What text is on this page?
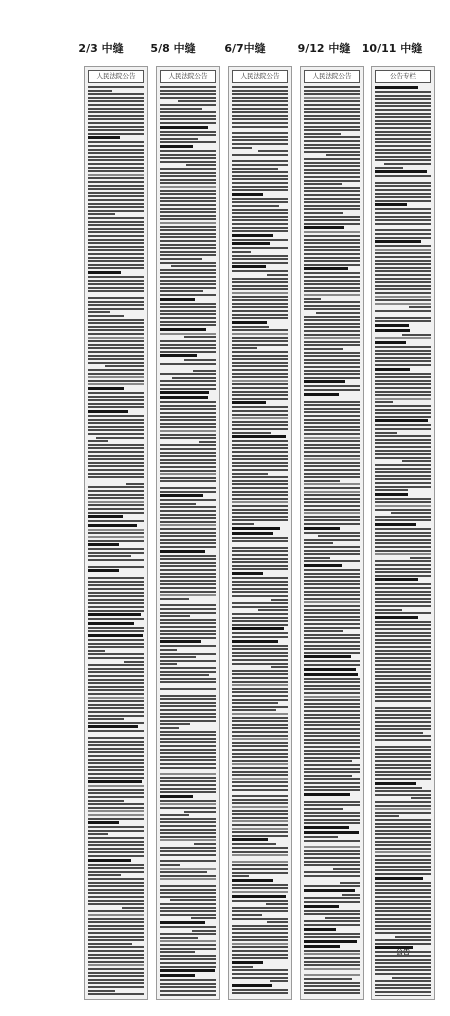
2/3 中缝	5/8 中缝	6/7中缝	9/12 中缝	10/11 中缝
人民法院公告	人民法院公告	人民法院公告	人民法院公告	公告专栏
